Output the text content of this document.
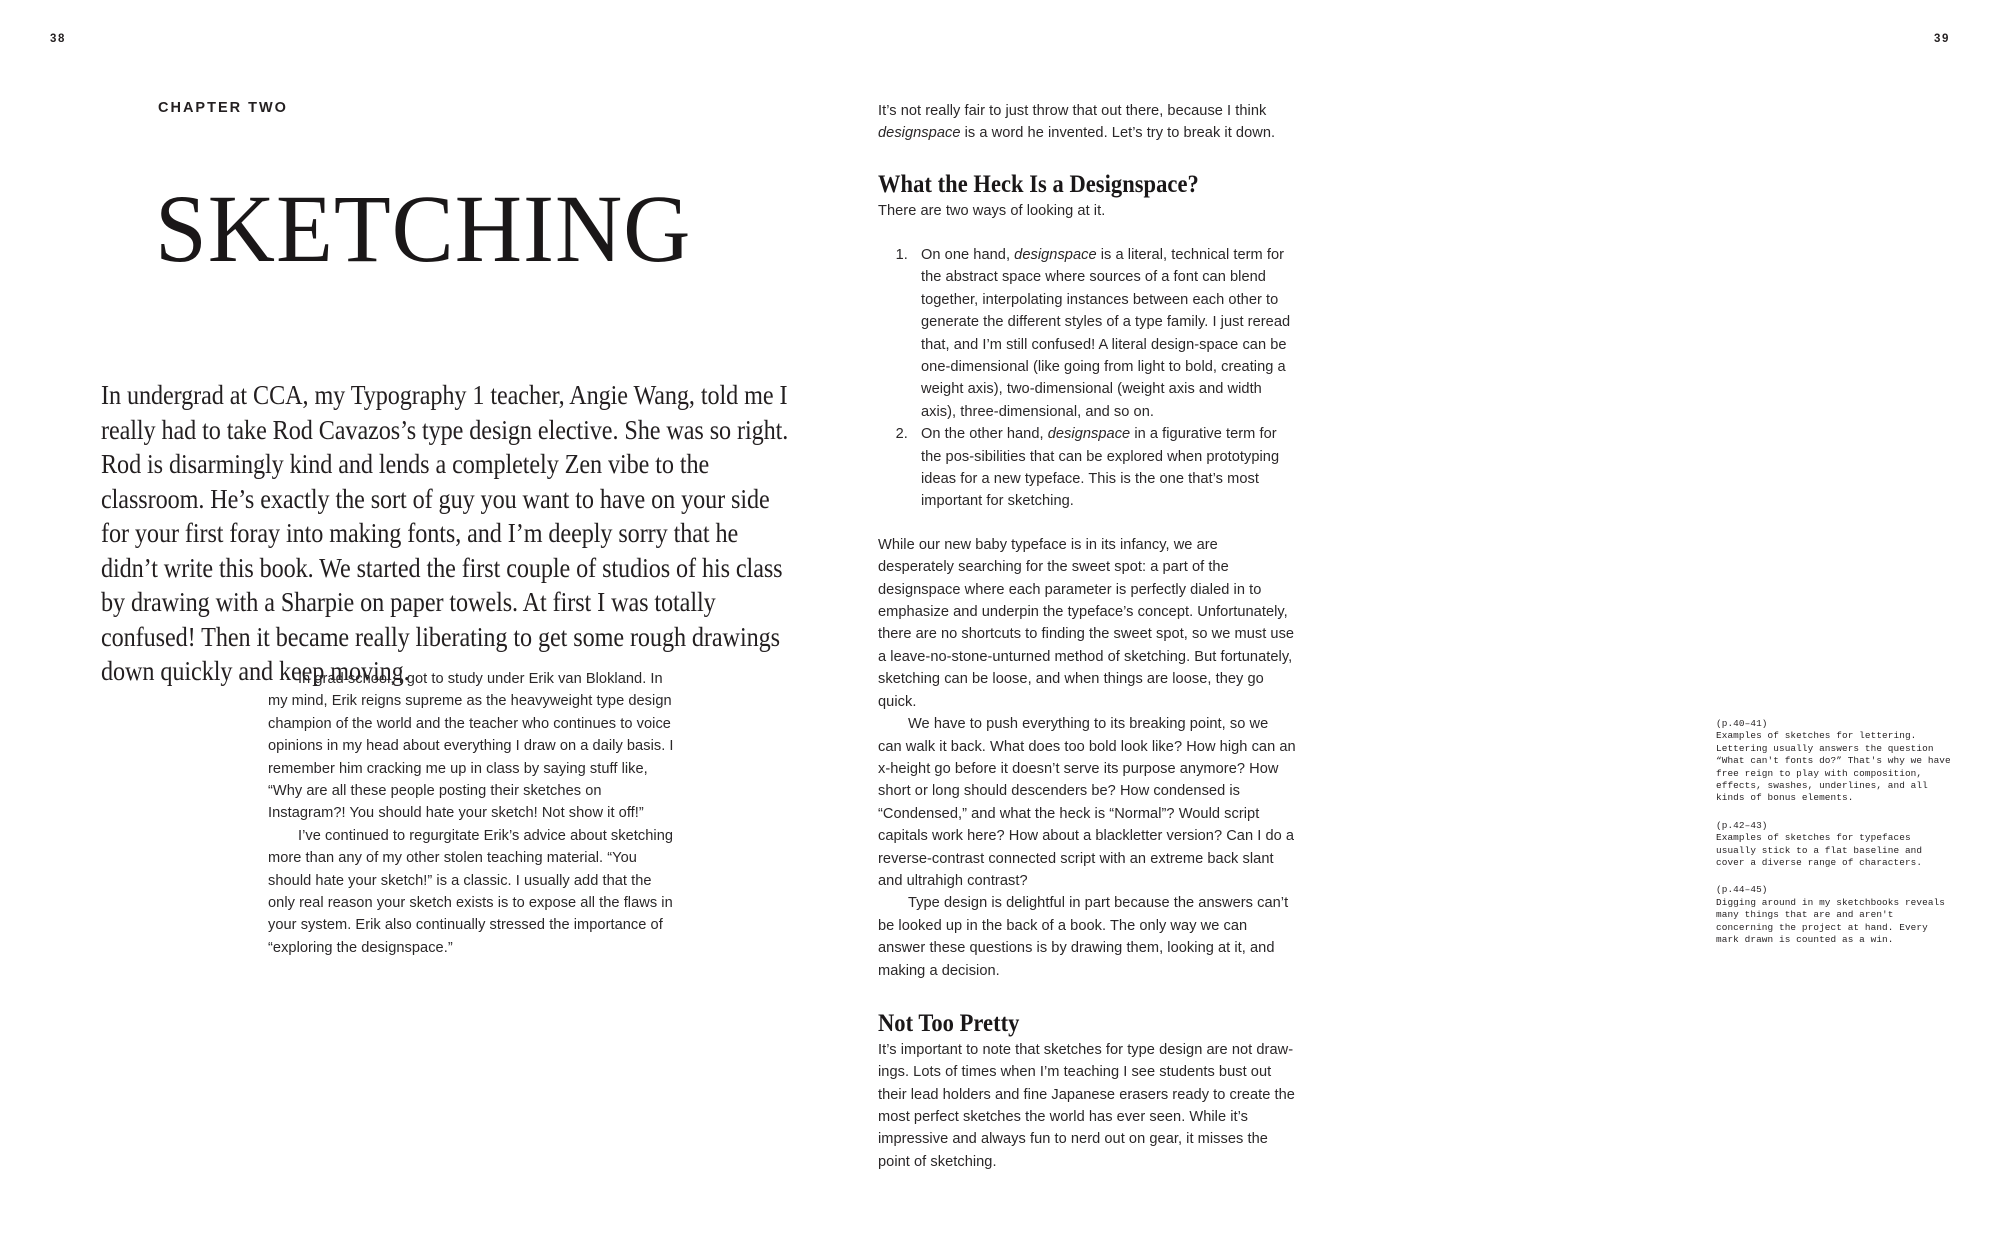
38
CHAPTER TWO
SKETCHING
In undergrad at CCA, my Typography 1 teacher, Angie Wang, told me I really had to take Rod Cavazos’s type design elective. She was so right. Rod is disarmingly kind and lends a completely Zen vibe to the classroom. He’s exactly the sort of guy you want to have on your side for your first foray into making fonts, and I’m deeply sorry that he didn’t write this book. We started the first couple of studios of his class by drawing with a Sharpie on paper towels. At first I was totally confused! Then it became really liberating to get some rough drawings down quickly and keep moving.

In grad school, I got to study under Erik van Blokland. In my mind, Erik reigns supreme as the heavyweight type design champion of the world and the teacher who continues to voice opinions in my head about everything I draw on a daily basis. I remember him cracking me up in class by saying stuff like, “Why are all these people posting their sketches on Instagram?! You should hate your sketch! Not show it off!”

I’ve continued to regurgitate Erik’s advice about sketching more than any of my other stolen teaching material. “You should hate your sketch!” is a classic. I usually add that the only real reason your sketch exists is to expose all the flaws in your system. Erik also continually stressed the importance of “exploring the designspace.”

39

It’s not really fair to just throw that out there, because I think designspace is a word he invented. Let’s try to break it down.

What the Heck Is a Designspace?

There are two ways of looking at it.

1. On one hand, designspace is a literal, technical term for the abstract space where sources of a font can blend together, interpolating instances between each other to generate the different styles of a type family. I just reread that, and I’m still confused! A literal design-space can be one-dimensional (like going from light to bold, creating a weight axis), two-dimensional (weight axis and width axis), three-dimensional, and so on.
2. On the other hand, designspace in a figurative term for the pos-sibilities that can be explored when prototyping ideas for a new typeface. This is the one that’s most important for sketching.

While our new baby typeface is in its infancy, we are desperately searching for the sweet spot: a part of the designspace where each parameter is perfectly dialed in to emphasize and underpin the typeface’s concept. Unfortunately, there are no shortcuts to finding the sweet spot, so we must use a leave-no-stone-unturned method of sketching. But fortunately, sketching can be loose, and when things are loose, they go quick.

We have to push everything to its breaking point, so we can walk it back. What does too bold look like? How high can an x-height go before it doesn’t serve its purpose anymore? How short or long should descenders be? How condensed is “Condensed,” and what the heck is “Normal”? Would script capitals work here? How about a blackletter version? Can I do a reverse-contrast connected script with an extreme back slant and ultrahigh contrast?

Type design is delightful in part because the answers can’t be looked up in the back of a book. The only way we can answer these questions is by drawing them, looking at it, and making a decision.

Not Too Pretty

It’s important to note that sketches for type design are not draw-ings. Lots of times when I’m teaching I see students bust out their lead holders and fine Japanese erasers ready to create the most perfect sketches the world has ever seen. While it’s impressive and always fun to nerd out on gear, it misses the point of sketching.

(p.40–41)

Examples of sketches for lettering. Lettering usually answers the question “What can't fonts do?” That's why we have free reign to play with composition, effects, swashes, underlines, and all kinds of bonus elements.

(p.42–43)

Examples of sketches for typefaces usually stick to a flat baseline and cover a diverse range of characters.

(p.44–45)

Digging around in my sketchbooks reveals many things that are and aren't concerning the project at hand. Every mark drawn is counted as a win.
